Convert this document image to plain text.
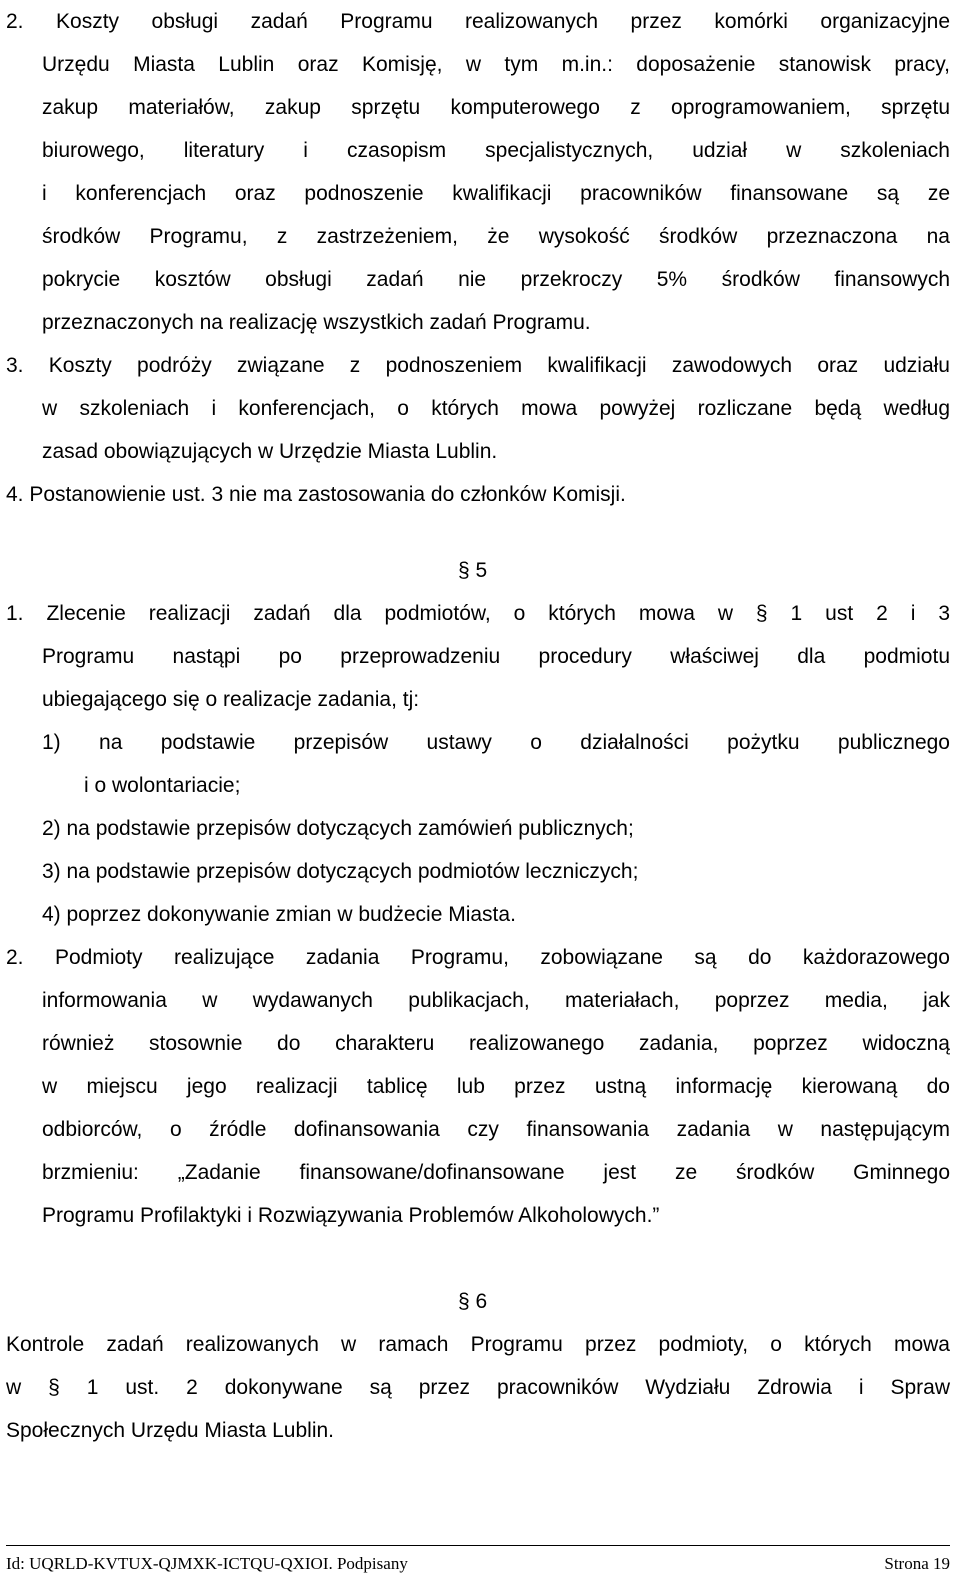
2. Koszty obsługi zadań Programu realizowanych przez komórki organizacyjne
Urzędu Miasta Lublin oraz Komisję, w tym m.in.: doposażenie stanowisk pracy,
zakup materiałów, zakup sprzętu komputerowego z oprogramowaniem, sprzętu
biurowego, literatury i czasopism specjalistycznych, udział w szkoleniach
i konferencjach oraz podnoszenie kwalifikacji pracowników finansowane są ze
środków Programu, z zastrzeżeniem, że wysokość środków przeznaczona na
pokrycie kosztów obsługi zadań nie przekroczy 5% środków finansowych
przeznaczonych na realizację wszystkich zadań Programu.
3. Koszty podróży związane z podnoszeniem kwalifikacji zawodowych oraz udziału
w szkoleniach i konferencjach, o których mowa powyżej rozliczane będą według
zasad obowiązujących w Urzędzie Miasta Lublin.
4. Postanowienie ust. 3 nie ma zastosowania do członków Komisji.
§ 5
1. Zlecenie realizacji zadań dla podmiotów, o których mowa w § 1 ust 2 i 3
Programu nastąpi po przeprowadzeniu procedury właściwej dla podmiotu
ubiegającego się o realizacje zadania, tj:
1) na podstawie przepisów ustawy o działalności pożytku publicznego
i o wolontariacie;
2) na podstawie przepisów dotyczących zamówień publicznych;
3) na podstawie przepisów dotyczących podmiotów leczniczych;
4) poprzez dokonywanie zmian w budżecie Miasta.
2. Podmioty realizujące zadania Programu, zobowiązane są do każdorazowego
informowania w wydawanych publikacjach, materiałach, poprzez media, jak
również stosownie do charakteru realizowanego zadania, poprzez widoczną
w miejscu jego realizacji tablicę lub przez ustną informację kierowaną do
odbiorców, o źródle dofinansowania czy finansowania zadania w następującym
brzmieniu: „Zadanie finansowane/dofinansowane jest ze środków Gminnego
Programu Profilaktyki i Rozwiązywania Problemów Alkoholowych.”
§ 6
Kontrole zadań realizowanych w ramach Programu przez podmioty, o których mowa
w § 1 ust. 2 dokonywane są przez pracowników Wydziału Zdrowia i Spraw
Społecznych Urzędu Miasta Lublin.
Id: UQRLD-KVTUX-QJMXK-ICTQU-QXIOI. Podpisany	Strona 19
